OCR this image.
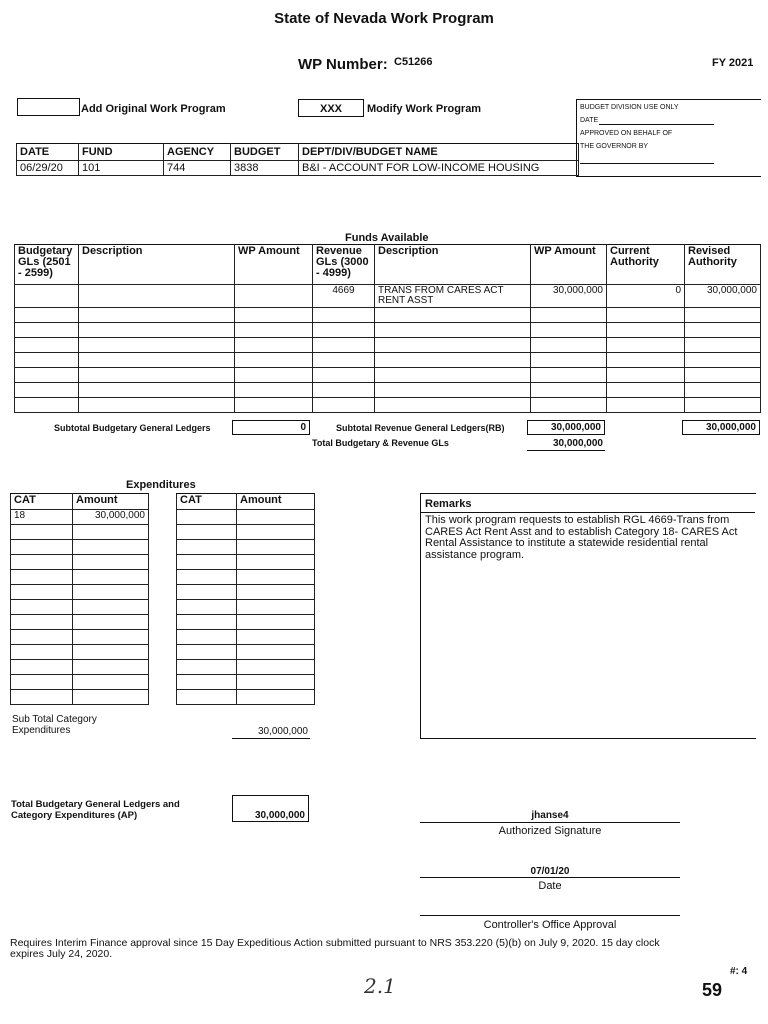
State of Nevada Work Program
WP Number: C51266	FY 2021
Add Original Work Program	XXX	Modify Work Program	BUDGET DIVISION USE ONLY
DATE
APPROVED ON BEHALF OF
THE GOVERNOR BY
DATE	FUND	AGENCY	BUDGET	DEPT/DIV/BUDGET NAME
06/29/20	101	744	3838	B&I - ACCOUNT FOR LOW-INCOME HOUSING
Funds Available
Budgetary GLs (2501 - 2599)	Description	WP Amount	Revenue GLs (3000 - 4999)	Description	WP Amount	Current Authority	Revised Authority
			4669	TRANS FROM CARES ACT RENT ASST	30,000,000	0	30,000,000

Subtotal Budgetary General Ledgers	0	Subtotal Revenue General Ledgers(RB)	30,000,000	30,000,000
Total Budgetary & Revenue GLs	30,000,000
Expenditures
CAT	Amount
18	30,000,000

CAT	Amount

Sub Total Category
Expenditures	30,000,000
Remarks
This work program requests to establish RGL 4669-Trans from CARES Act Rent Asst and to establish Category 18- CARES Act Rental Assistance to institute a statewide residential rental assistance program.
Total Budgetary General Ledgers and
Category Expenditures (AP)	30,000,000	jhanse4
Authorized Signature
07/01/20
Date
Controller's Office Approval
Requires Interim Finance approval since 15 Day Expeditious Action submitted pursuant to NRS 353.220 (5)(b) on July 9, 2020. 15 day clock
expires July 24, 2020.
2.1
#: 4
59
